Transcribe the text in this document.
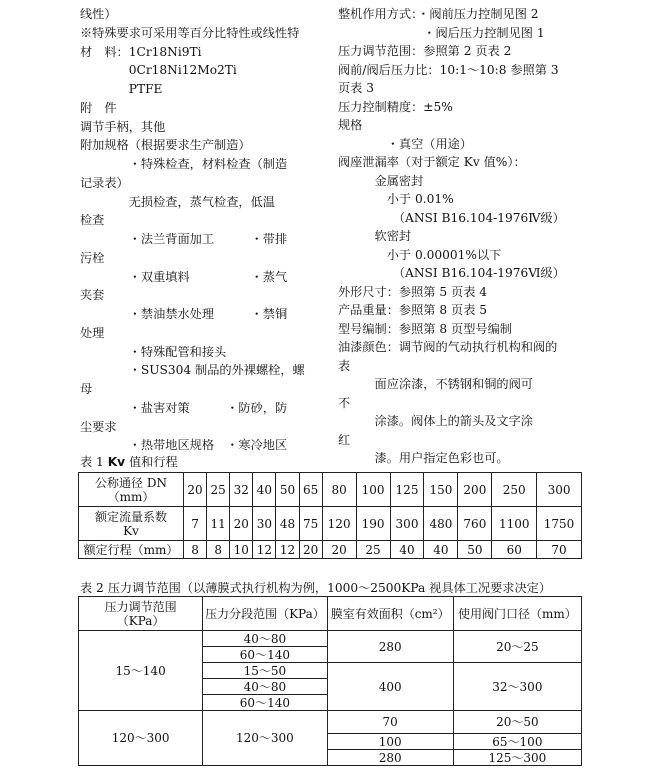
线性）
※特殊要求可采用等百分比特性或线性特
材　料：1Cr18Ni9Ti
　　　　0Cr18Ni12Mo2Ti
　　　　PTFE
附　件
调节手柄，其他
附加规格（根据要求生产制造）
　　　　・特殊检查，材料检查（制造
记录表）
　　　　无损检查，蒸气检查，低温
检查
　　　　・法兰背面加工　　　・带排
污栓
　　　　・双重填料　　　　　・蒸气
夹套
　　　　・禁油禁水处理　　　・禁铜
处理
　　　　・特殊配管和接头
　　　　・SUS304 制品的外裸螺栓，螺
母
　　　　・盐害对策　　　・防砂，防
尘要求
　　　　・热带地区规格　・寒冷地区
整机作用方式：・阀前压力控制见图 2
　　　　　　　・阀后压力控制见图 1
压力调节范围：参照第 2 页表 2
阀前/阀后压力比：10:1～10:8 参照第 3
页表 3
压力控制精度：±5%
规格
　　　　・真空（用途）
阀座泄漏率（对于额定 Kv 值%）：
　　　金属密封
　　　　小于 0.01%
　　　　　（ANSI B16.104-1976Ⅳ级）
　　　软密封
　　　　小于 0.00001%以下
　　　　　（ANSI B16.104-1976Ⅵ级）
外形尺寸：参照第 5 页表 4
产品重量：参照第 8 页表 5
型号编制：参照第 8 页型号编制
油漆颜色：调节阀的气动执行机构和阀的
表
　　　面应涂漆，不锈钢和铜的阀可
不
　　　涂漆。阀体上的箭头及文字涂
红
　　　漆。用户指定色彩也可。
表 1 Kv 值和行程
公称通径 DN
（mm）	20	25	32	40	50	65	80	100	125	150	200	250	300
额定流量系数
Kv	7	11	20	30	48	75	120	190	300	480	760	1100	1750
额定行程（mm）	8	8	10	12	12	20	20	25	40	40	50	60	70
表 2 压力调节范围（以薄膜式执行机构为例，1000～2500KPa 视具体工况要求决定）
压力调节范围
（KPa）	压力分段范围（KPa）	膜室有效面积（cm²）	使用阀门口径（mm）
15～140	40～80	280	20～25
	60～140		
	15～50	400	32～300
	40～80		
	60～140		
120～300	120～300	70	20～50
		100	65～100
		280	125～300
